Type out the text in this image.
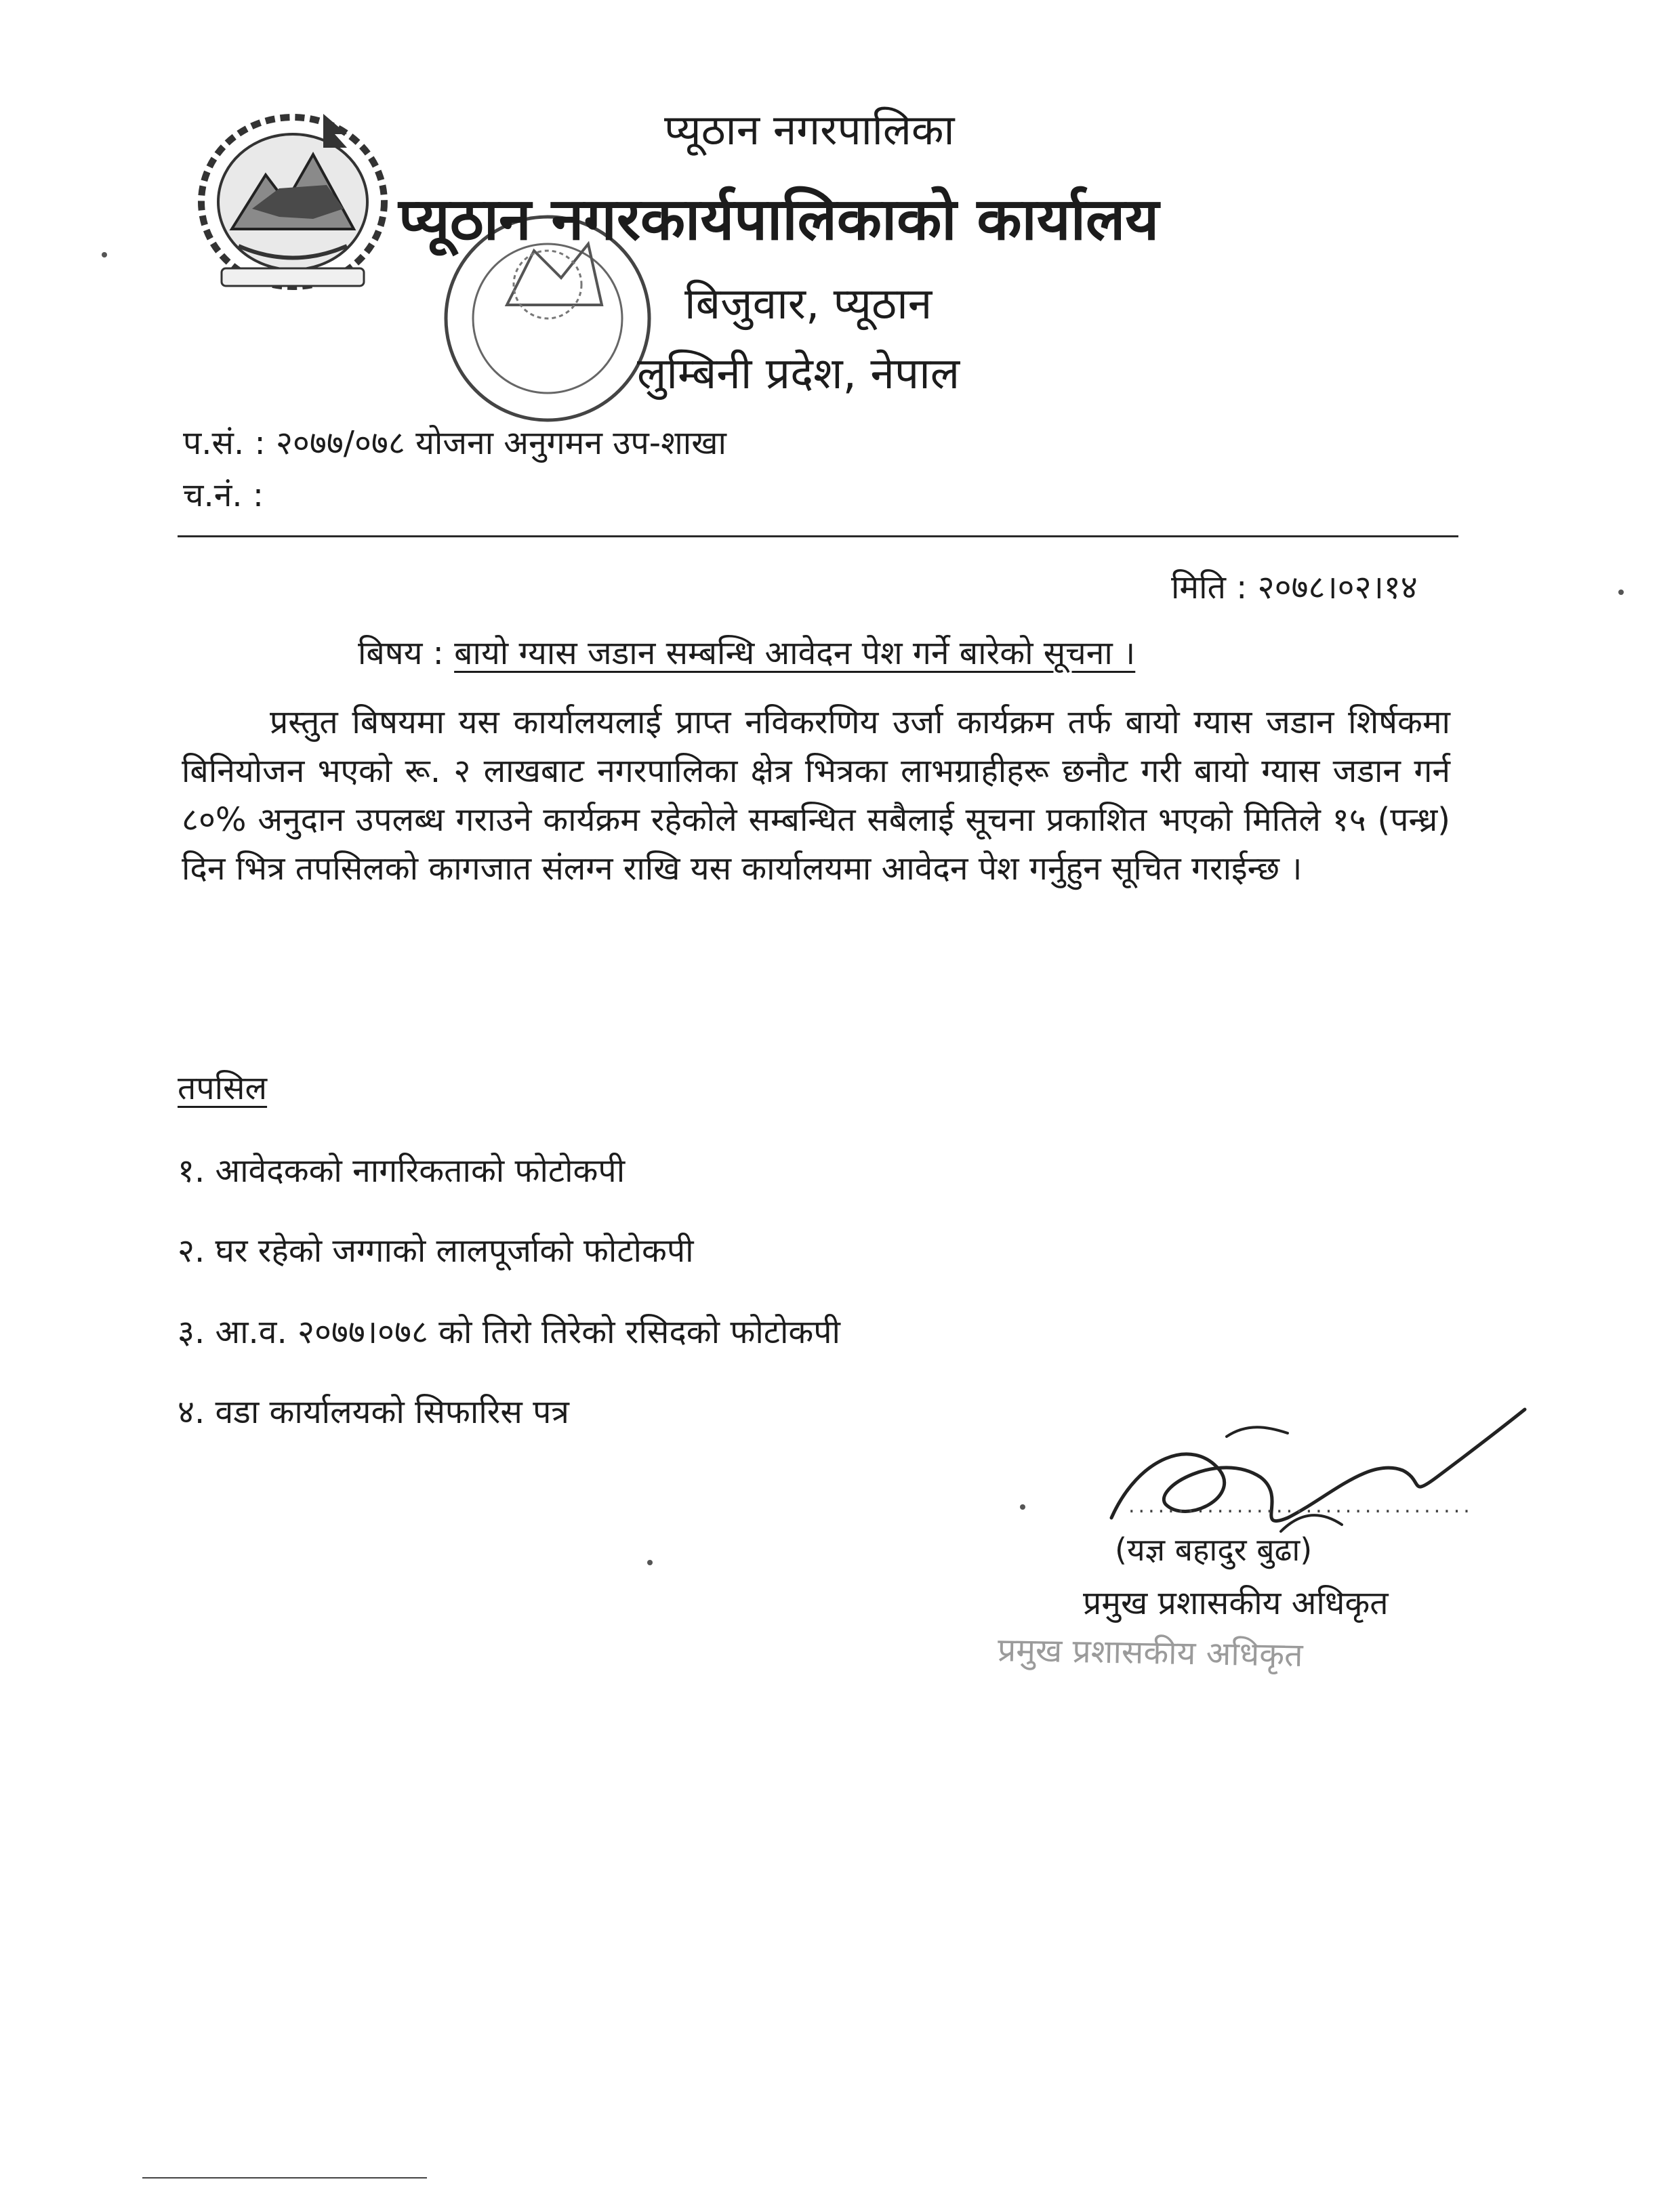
प्यूठान नगरपालिका
प्यूठान नगरकार्यपालिकाको कार्यालय
बिजुवार, प्यूठान
लुम्बिनी प्रदेश, नेपाल
प.सं. : २०७७/०७८ योजना अनुगमन उप-शाखा
च.नं. :
मिति : २०७८।०२।१४
बिषय : बायो ग्यास जडान सम्बन्धि आवेदन पेश गर्ने बारेको सूचना ।
प्रस्तुत बिषयमा यस कार्यालयलाई प्राप्त नविकरणिय उर्जा कार्यक्रम तर्फ बायो ग्यास जडान शिर्षकमा बिनियोजन भएको रू. २ लाखबाट नगरपालिका क्षेत्र भित्रका लाभग्राहीहरू छनौट गरी बायो ग्यास जडान गर्न ८०% अनुदान उपलब्ध गराउने कार्यक्रम रहेकोले सम्बन्धित सबैलाई सूचना प्रकाशित भएको मितिले १५ (पन्ध्र) दिन भित्र तपसिलको कागजात संलग्न राखि यस कार्यालयमा आवेदन पेश गर्नुहुन सूचित गराईन्छ ।
तपसिल
१. आवेदकको नागरिकताको फोटोकपी
२. घर रहेको जग्गाको लालपूर्जाको फोटोकपी
३. आ.व. २०७७।०७८ को तिरो तिरेको रसिदको फोटोकपी
४. वडा कार्यालयको सिफारिस पत्र
...................................
(यज्ञ बहादुर बुढा)
प्रमुख प्रशासकीय अधिकृत
प्रमुख प्रशासकीय अधिकृत
